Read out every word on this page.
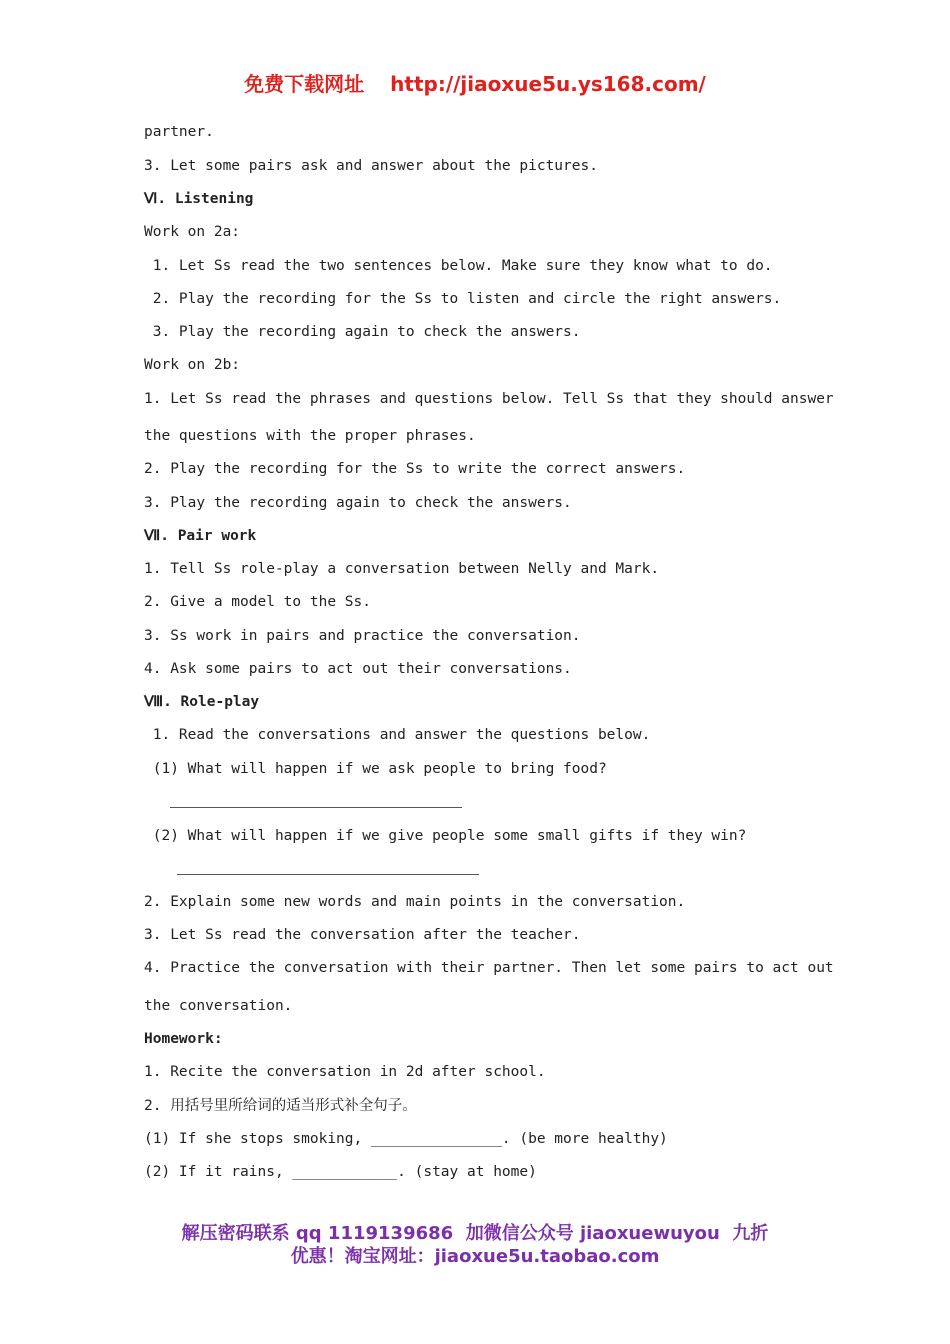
免费下载网址 http://jiaoxue5u.ys168.com/
partner.
3. Let some pairs ask and answer about the pictures.
Ⅵ. Listening
Work on 2a:
1. Let Ss read the two sentences below. Make sure they know what to do.
2. Play the recording for the Ss to listen and circle the right answers.
3. Play the recording again to check the answers.
Work on 2b:
1. Let Ss read the phrases and questions below. Tell Ss that they should answer
the questions with the proper phrases.
2. Play the recording for the Ss to write the correct answers.
3. Play the recording again to check the answers.
Ⅶ. Pair work
1. Tell Ss role-play a conversation between Nelly and Mark.
2. Give a model to the Ss.
3. Ss work in pairs and practice the conversation.
4. Ask some pairs to act out their conversations.
Ⅷ. Role-play
1. Read the conversations and answer the questions below.
(1) What will happen if we ask people to bring food?
(2) What will happen if we give people some small gifts if they win?
2. Explain some new words and main points in the conversation.
3. Let Ss read the conversation after the teacher.
4. Practice the conversation with their partner. Then let some pairs to act out
the conversation.
Homework:
1. Recite the conversation in 2d after school.
2. 用括号里所给词的适当形式补全句子。
(1) If she stops smoking, _______________. (be more healthy)
(2) If it rains, ____________. (stay at home)
解压密码联系 qq 1119139686  加微信公众号 jiaoxuewuyou  九折
优惠！淘宝网址：jiaoxue5u.taobao.com
